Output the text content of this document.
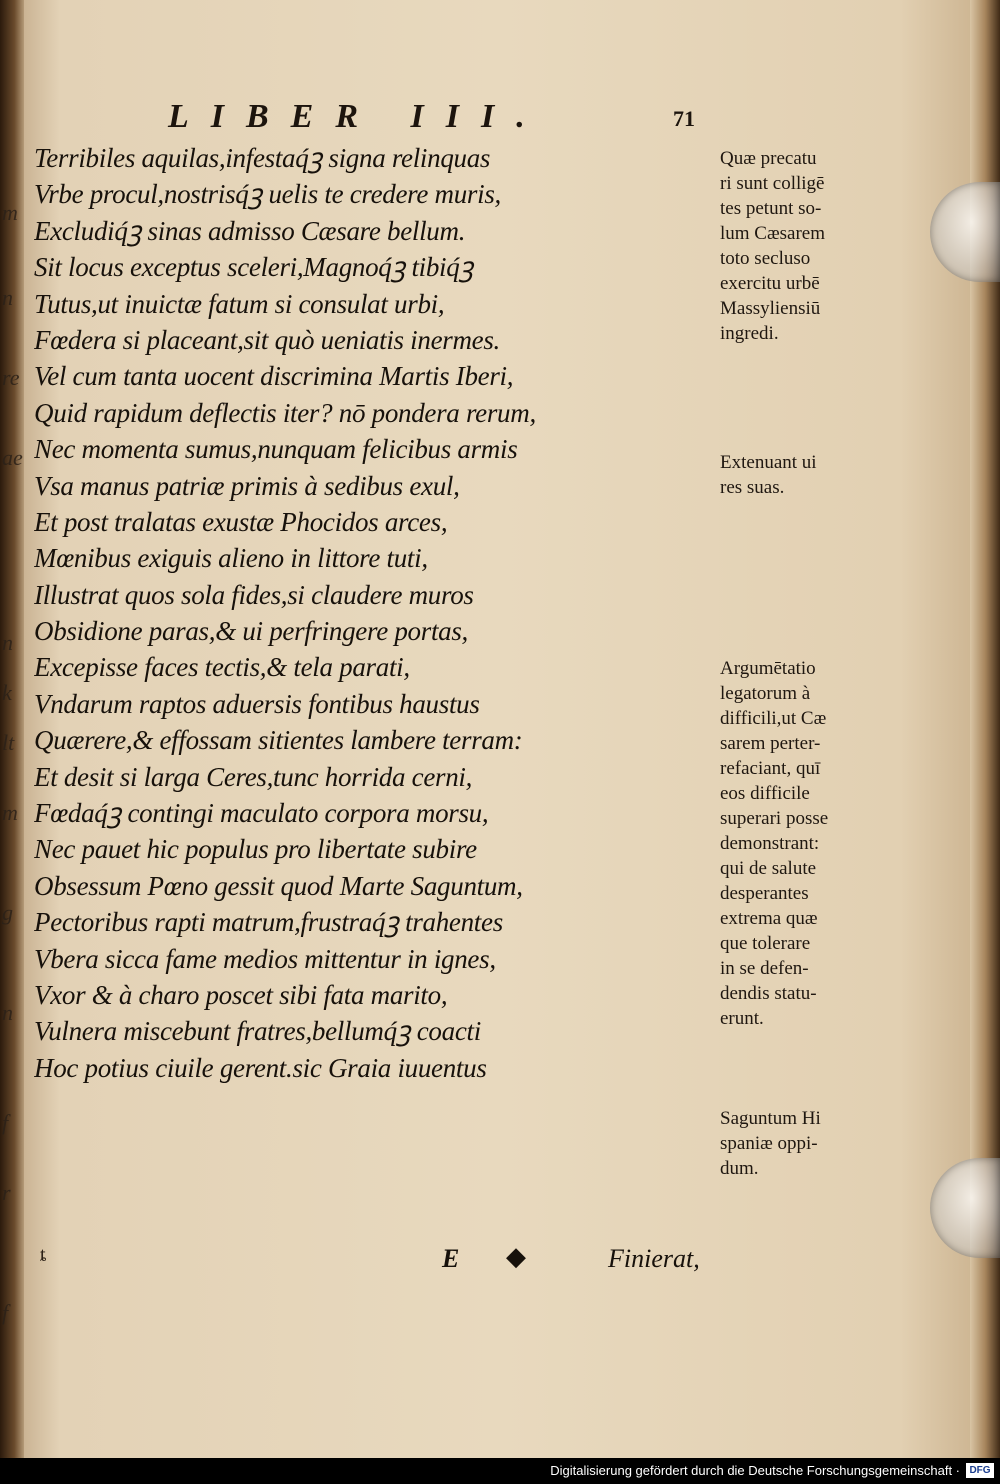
m
n
re
ae
n
k
lt
m
g
n
f
r
f
LIBER III.	71
Terribiles aquilas,infestaq́ꝫ signa relinquas
Vrbe procul,nostrisq́ꝫ uelis te credere muris,
Excludiq́ꝫ sinas admisso Cæsare bellum.
Sit locus exceptus sceleri,Magnoq́ꝫ tibiq́ꝫ
Tutus,ut inuictæ fatum si consulat urbi,
Fœdera si placeant,sit quò ueniatis inermes.
Vel cum tanta uocent discrimina Martis Iberi,
Quid rapidum deflectis iter? nō pondera rerum,
Nec momenta sumus,nunquam felicibus armis
Vsa manus patriæ primis à sedibus exul,
Et post tralatas exustæ Phocidos arces,
Mœnibus exiguis alieno in littore tuti,
Illustrat quos sola fides,si claudere muros
Obsidione paras,& ui perfringere portas,
Excepisse faces tectis,& tela parati,
Vndarum raptos aduersis fontibus haustus
Quærere,& effossam sitientes lambere terram:
Et desit si larga Ceres,tunc horrida cerni,
Fœdaq́ꝫ contingi maculato corpora morsu,
Nec pauet hic populus pro libertate subire
Obsessum Pœno gessit quod Marte Saguntum,
Pectoribus rapti matrum,frustraq́ꝫ trahentes
Vbera sicca fame medios mittentur in ignes,
Vxor & à charo poscet sibi fata marito,
Vulnera miscebunt fratres,bellumq́ꝫ coacti
Hoc potius ciuile gerent.sic Graia iuuentus
Quæ precatu
ri sunt colligē
tes petunt so-
lum Cæsarem
toto secluso
exercitu urbē
Massyliensiū
ingredi.
Extenuant ui
res suas.
Argumētatio
legatorum à
difficili,ut Cæ
sarem perter-
refaciant, quī
eos difficile
superari posse
demonstrant:
qui de salute
desperantes
extrema quæ
que tolerare
in se defen-
dendis statu-
erunt.
Saguntum Hi
spaniæ oppi-
dum.
ȶ	E ◆	Finierat,
Digitalisierung gefördert durch die Deutsche Forschungsgemeinschaft · DFG
